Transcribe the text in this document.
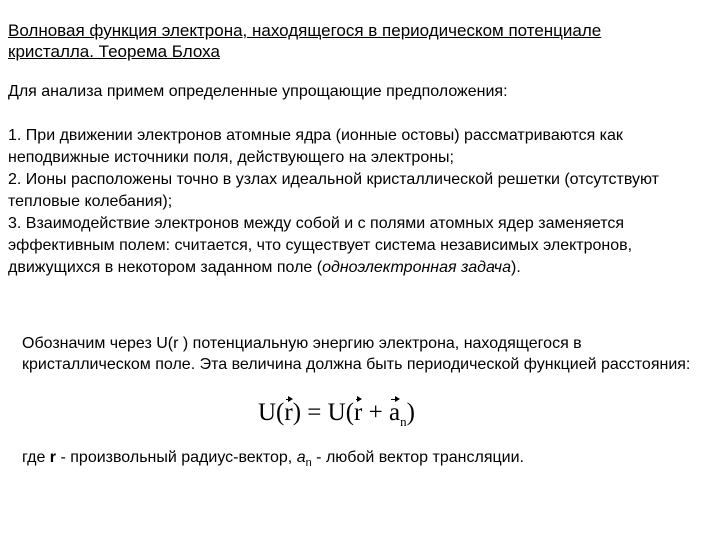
Волновая функция электрона, находящегося в периодическом потенциале кристалла. Теорема Блоха
Для анализа примем определенные упрощающие предположения:

1. При движении электронов атомные ядра (ионные остовы) рассматриваются как неподвижные источники поля, действующего на электроны;

2. Ионы расположены точно в узлах идеальной кристаллической решетки (отсутствуют тепловые колебания);

3. Взаимодействие электронов между собой и с полями атомных ядер заменяется эффективным полем: считается, что существует система независимых электронов, движущихся в некотором заданном поле (одноэлектронная задача).

Обозначим через U(r ) потенциальную энергию электрона, находящегося в кристаллическом поле. Эта величина должна быть периодической функцией расстояния:

$U(r) = U(r + a_n)$
где r - произвольный радиус-вектор, $a_n$ - любой вектор трансляции.
